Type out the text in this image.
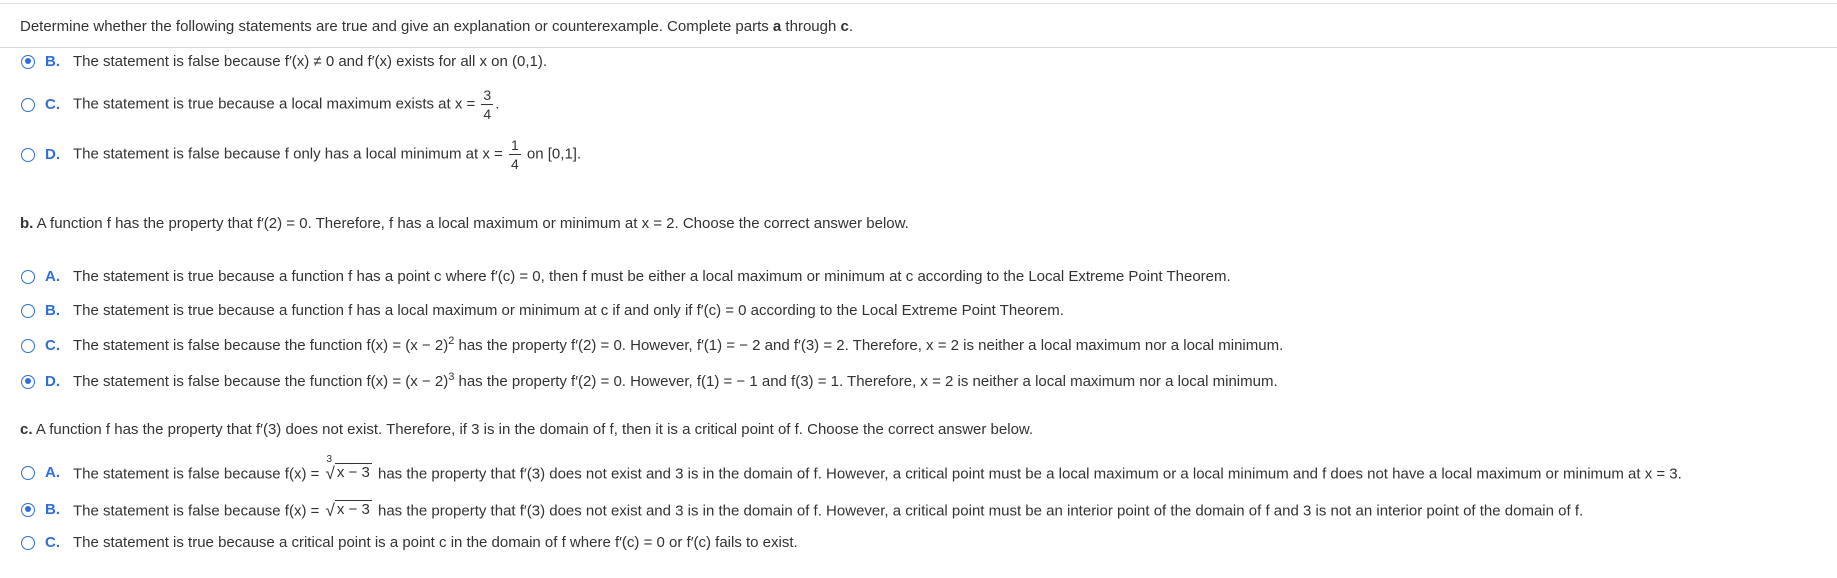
Determine whether the following statements are true and give an explanation or counterexample. Complete parts a through c.
B. The statement is false because f′(x) ≠ 0 and f′(x) exists for all x on (0,1).
C. The statement is true because a local maximum exists at $x = \frac{3}{4}$ .
D. The statement is false because f only has a local minimum at $x = \frac{1}{4}$ on [0,1].
b. A function f has the property that f′(2) = 0. Therefore, f has a local maximum or minimum at x = 2. Choose the correct answer below.
A. The statement is true because a function f has a point c where f′(c) = 0, then f must be either a local maximum or minimum at c according to the Local Extreme Point Theorem.
B. The statement is true because a function f has a local maximum or minimum at c if and only if f′(c) = 0 according to the Local Extreme Point Theorem.
C. The statement is false because the function $f(x) = (x - 2)^2$ has the property f′(2) = 0. However, f′(1) = − 2 and f′(3) = 2. Therefore, x = 2 is neither a local maximum nor a local minimum.
D. The statement is false because the function $f(x) = (x - 2)^3$ has the property f′(2) = 0. However, f(1) = − 1 and f(3) = 1. Therefore, x = 2 is neither a local maximum nor a local minimum.
c. A function f has the property that f′(3) does not exist. Therefore, if 3 is in the domain of f, then it is a critical point of f. Choose the correct answer below.
A. The statement is false because f(x) =
3
√ x − 3 has the property that f′(3) does not exist and 3 is in the domain of f. However, a critical point must be a local maximum or a local minimum and f does not have a local maximum or minimum at x = 3.
B. The statement is false because f(x) = √ x − 3 has the property that f′(3) does not exist and 3 is in the domain of f. However, a critical point must be an interior point of the domain of f and 3 is not an interior point of the domain of f.
C. The statement is true because a critical point is a point c in the domain of f where f′(c) = 0 or f′(c) fails to exist.
